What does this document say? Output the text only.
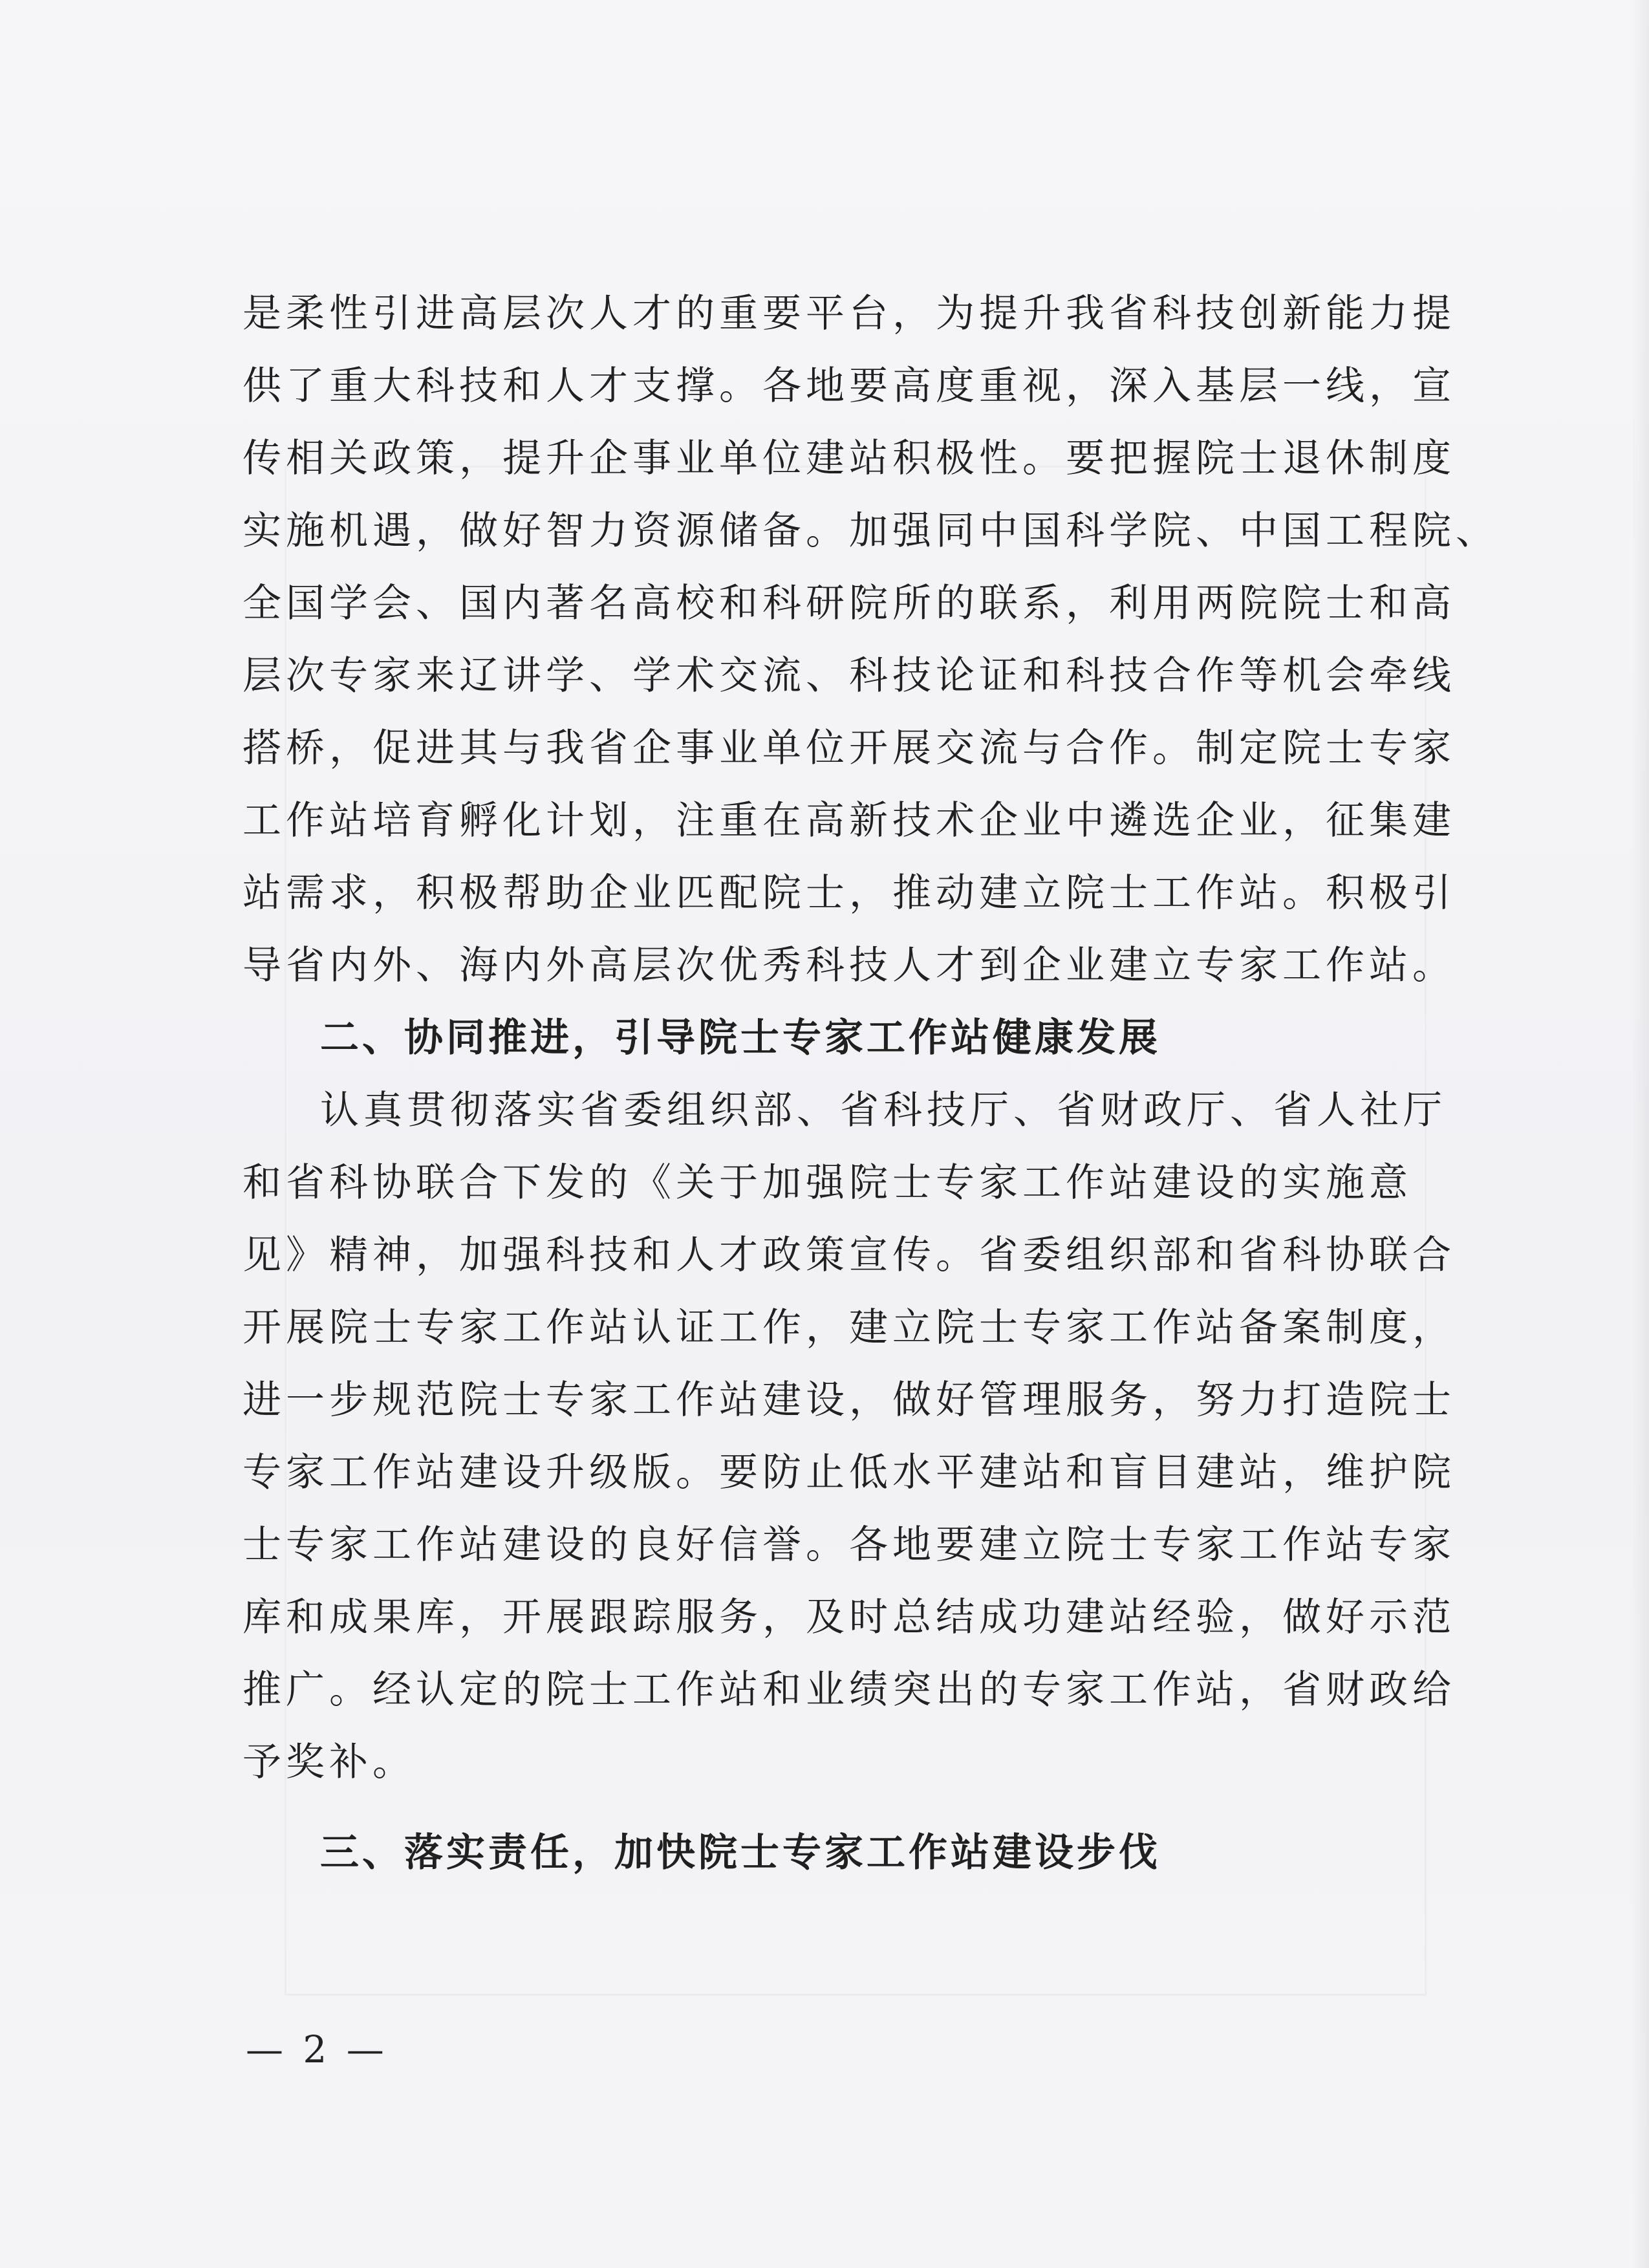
是柔性引进高层次人才的重要平台，为提升我省科技创新能力提
供了重大科技和人才支撑。各地要高度重视，深入基层一线，宣
传相关政策，提升企事业单位建站积极性。要把握院士退休制度
实施机遇，做好智力资源储备。加强同中国科学院、中国工程院、
全国学会、国内著名高校和科研院所的联系，利用两院院士和高
层次专家来辽讲学、学术交流、科技论证和科技合作等机会牵线
搭桥，促进其与我省企事业单位开展交流与合作。制定院士专家
工作站培育孵化计划，注重在高新技术企业中遴选企业，征集建
站需求，积极帮助企业匹配院士，推动建立院士工作站。积极引
导省内外、海内外高层次优秀科技人才到企业建立专家工作站。
二、协同推进，引导院士专家工作站健康发展
认真贯彻落实省委组织部、省科技厅、省财政厅、省人社厅
和省科协联合下发的《关于加强院士专家工作站建设的实施意
见》精神，加强科技和人才政策宣传。省委组织部和省科协联合
开展院士专家工作站认证工作，建立院士专家工作站备案制度，
进一步规范院士专家工作站建设，做好管理服务，努力打造院士
专家工作站建设升级版。要防止低水平建站和盲目建站，维护院
士专家工作站建设的良好信誉。各地要建立院士专家工作站专家
库和成果库，开展跟踪服务，及时总结成功建站经验，做好示范
推广。经认定的院士工作站和业绩突出的专家工作站，省财政给
予奖补。
三、落实责任，加快院士专家工作站建设步伐
— 2 —
